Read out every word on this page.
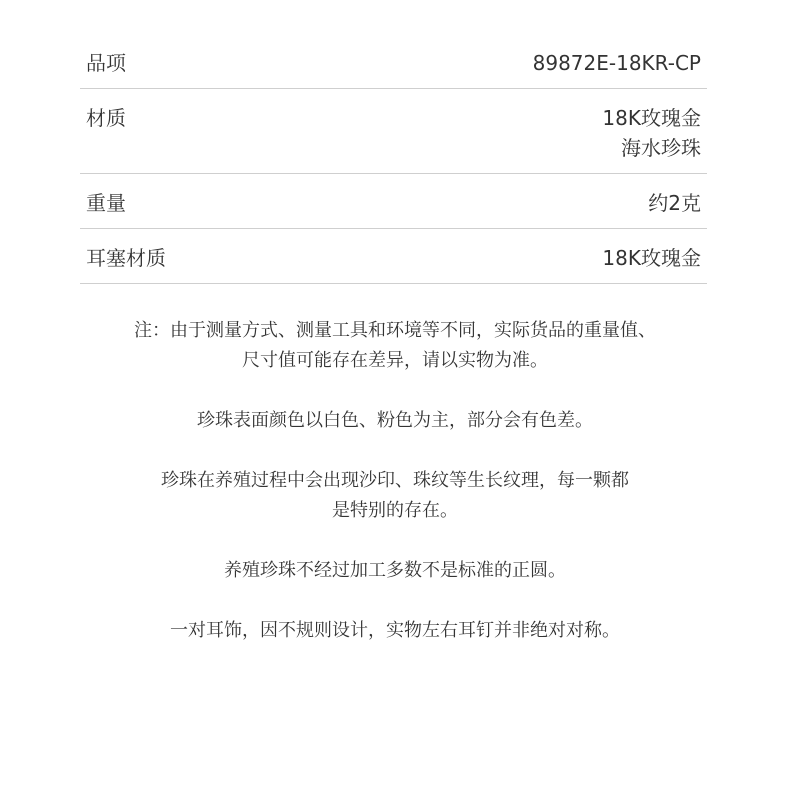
品项	89872E-18KR-CP
材质	18K玫瑰金
海水珍珠
重量	约2克
耳塞材质	18K玫瑰金

注：由于测量方式、测量工具和环境等不同，实际货品的重量值、
尺寸值可能存在差异，请以实物为准。

珍珠表面颜色以白色、粉色为主，部分会有色差。

珍珠在养殖过程中会出现沙印、珠纹等生长纹理，每一颗都
是特别的存在。

养殖珍珠不经过加工多数不是标准的正圆。

一对耳饰，因不规则设计，实物左右耳钉并非绝对对称。
